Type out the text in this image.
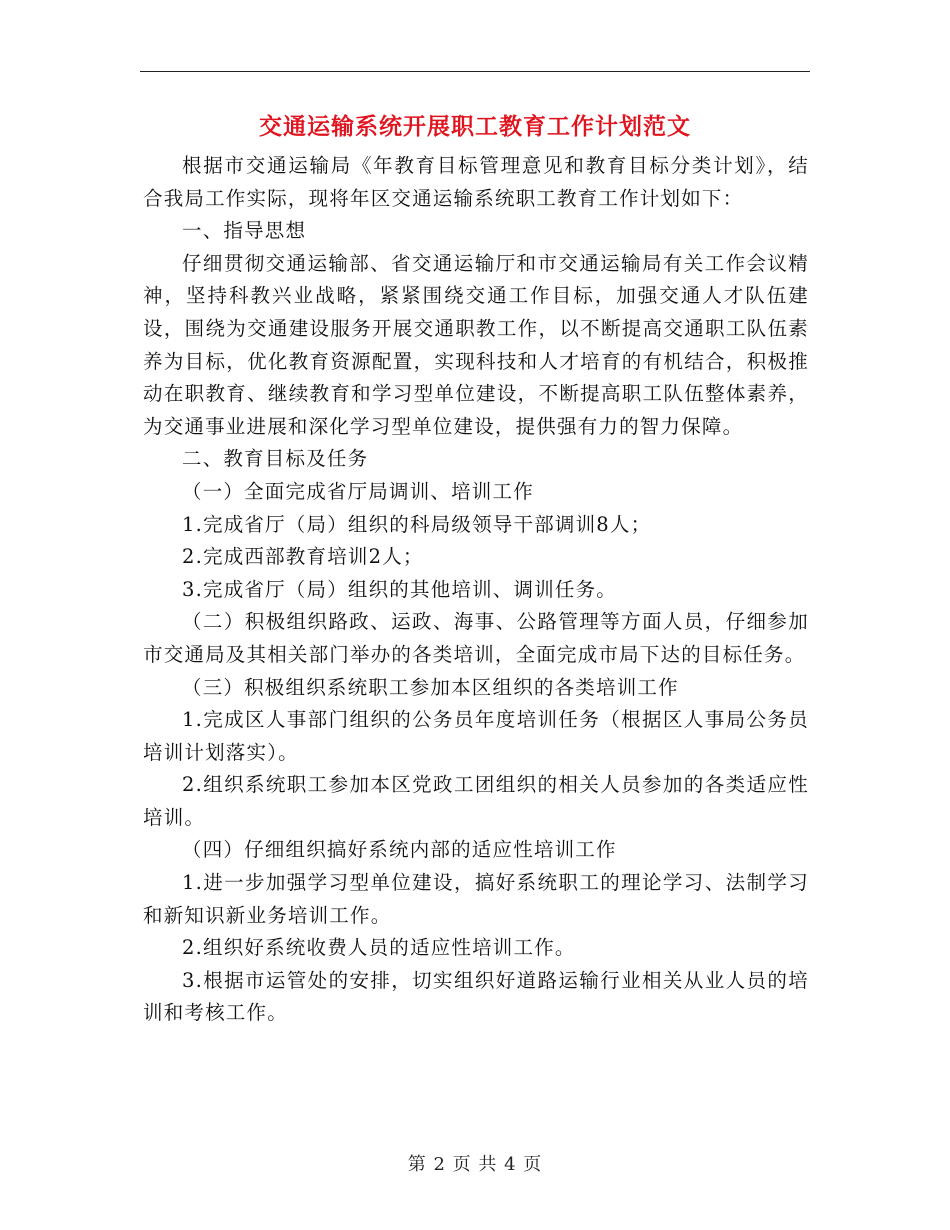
交通运输系统开展职工教育工作计划范文

根据市交通运输局《年教育目标管理意见和教育目标分类计划》，结合我局工作实际，现将年区交通运输系统职工教育工作计划如下：

一、指导思想

仔细贯彻交通运输部、省交通运输厅和市交通运输局有关工作会议精神，坚持科教兴业战略，紧紧围绕交通工作目标，加强交通人才队伍建设，围绕为交通建设服务开展交通职教工作，以不断提高交通职工队伍素养为目标，优化教育资源配置，实现科技和人才培育的有机结合，积极推动在职教育、继续教育和学习型单位建设，不断提高职工队伍整体素养，为交通事业进展和深化学习型单位建设，提供强有力的智力保障。

二、教育目标及任务

（一）全面完成省厅局调训、培训工作

1.完成省厅（局）组织的科局级领导干部调训8人；

2.完成西部教育培训2人；

3.完成省厅（局）组织的其他培训、调训任务。

（二）积极组织路政、运政、海事、公路管理等方面人员，仔细参加市交通局及其相关部门举办的各类培训，全面完成市局下达的目标任务。

（三）积极组织系统职工参加本区组织的各类培训工作

1.完成区人事部门组织的公务员年度培训任务（根据区人事局公务员培训计划落实）。

2.组织系统职工参加本区党政工团组织的相关人员参加的各类适应性培训。

（四）仔细组织搞好系统内部的适应性培训工作

1.进一步加强学习型单位建设，搞好系统职工的理论学习、法制学习和新知识新业务培训工作。

2.组织好系统收费人员的适应性培训工作。

3.根据市运管处的安排，切实组织好道路运输行业相关从业人员的培训和考核工作。

第 2 页 共 4 页
